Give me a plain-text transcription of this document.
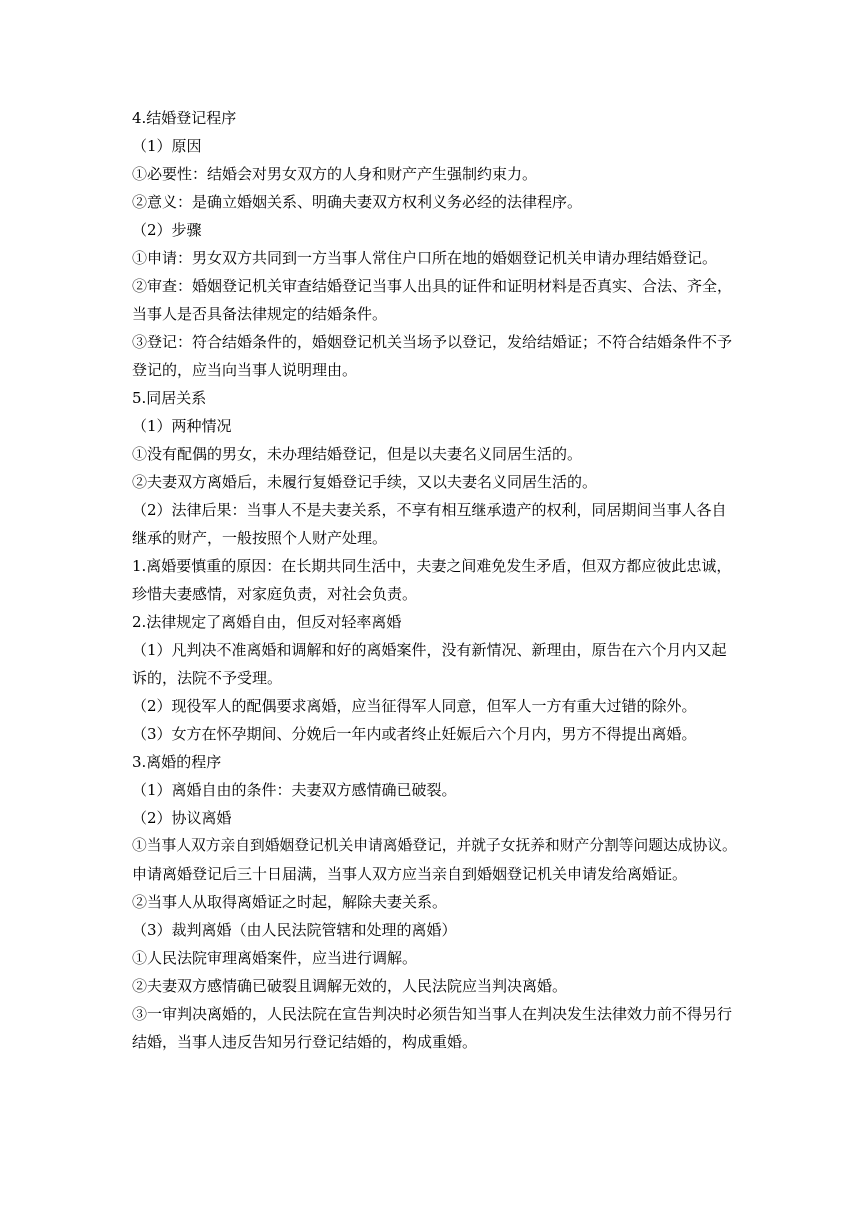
4.结婚登记程序

（1）原因

①必要性：结婚会对男女双方的人身和财产产生强制约束力。

②意义：是确立婚姻关系、明确夫妻双方权利义务必经的法律程序。

（2）步骤

①申请：男女双方共同到一方当事人常住户口所在地的婚姻登记机关申请办理结婚登记。

②审查：婚姻登记机关审查结婚登记当事人出具的证件和证明材料是否真实、合法、齐全，

当事人是否具备法律规定的结婚条件。

③登记：符合结婚条件的，婚姻登记机关当场予以登记，发给结婚证；不符合结婚条件不予

登记的，应当向当事人说明理由。

5.同居关系

（1）两种情况

①没有配偶的男女，未办理结婚登记，但是以夫妻名义同居生活的。

②夫妻双方离婚后，未履行复婚登记手续，又以夫妻名义同居生活的。

（2）法律后果：当事人不是夫妻关系，不享有相互继承遗产的权利，同居期间当事人各自

继承的财产，一般按照个人财产处理。

1.离婚要慎重的原因：在长期共同生活中，夫妻之间难免发生矛盾，但双方都应彼此忠诚，

珍惜夫妻感情，对家庭负责，对社会负责。

2.法律规定了离婚自由，但反对轻率离婚

（1）凡判决不准离婚和调解和好的离婚案件，没有新情况、新理由，原告在六个月内又起

诉的，法院不予受理。

（2）现役军人的配偶要求离婚，应当征得军人同意，但军人一方有重大过错的除外。

（3）女方在怀孕期间、分娩后一年内或者终止妊娠后六个月内，男方不得提出离婚。

3.离婚的程序

（1）离婚自由的条件：夫妻双方感情确已破裂。

（2）协议离婚

①当事人双方亲自到婚姻登记机关申请离婚登记，并就子女抚养和财产分割等问题达成协议。

申请离婚登记后三十日届满，当事人双方应当亲自到婚姻登记机关申请发给离婚证。

②当事人从取得离婚证之时起，解除夫妻关系。

（3）裁判离婚（由人民法院管辖和处理的离婚）

①人民法院审理离婚案件，应当进行调解。

②夫妻双方感情确已破裂且调解无效的，人民法院应当判决离婚。

③一审判决离婚的，人民法院在宣告判决时必须告知当事人在判决发生法律效力前不得另行

结婚，当事人违反告知另行登记结婚的，构成重婚。
